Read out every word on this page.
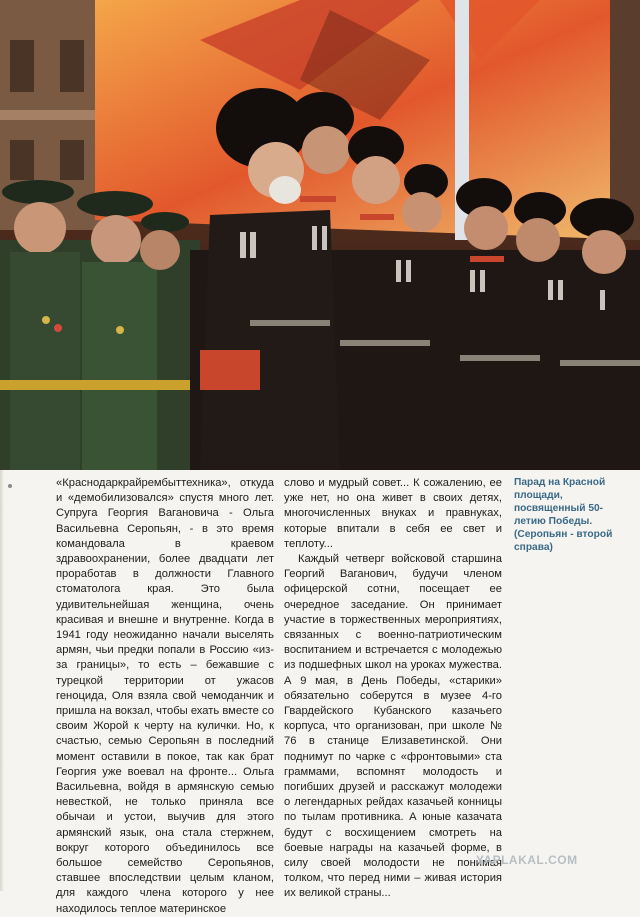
«Краснодаркрайрембыттехника», откуда и «демобилизовался» спустя много лет. Супруга Георгия Вагановича - Ольга Васильевна Серопьян, - в это время командовала в краевом здравоохранении, более двадцати лет проработав в должности Главного стоматолога края. Это была удивительнейшая женщина, очень красивая и внешне и внутренне. Когда в 1941 году неожиданно начали выселять армян, чьи предки попали в Россию «из-за границы», то есть – бежавшие с турецкой территории от ужасов геноцида, Оля взяла свой чемоданчик и пришла на вокзал, чтобы ехать вместе со своим Жорой к черту на кулички. Но, к счастью, семью Серопьян в последний момент оставили в покое, так как брат Георгия уже воевал на фронте... Ольга Васильевна, войдя в армянскую семью невесткой, не только приняла все обычаи и устои, выучив для этого армянский язык, она стала стержнем, вокруг которого объединилось все большое семейство Серопьянов, ставшее впоследствии целым кланом, для каждого члена которого у нее находилось теплое материнское

слово и мудрый совет... К сожалению, ее уже нет, но она живет в своих детях, многочисленных внуках и правнуках, которые впитали в себя ее свет и теплоту...

Каждый четверг войсковой старшина Георгий Ваганович, будучи членом офицерской сотни, посещает ее очередное заседание. Он принимает участие в торжественных мероприятиях, связанных с военно-патриотическим воспитанием и встречается с молодежью из подшефных школ на уроках мужества. А 9 мая, в День Победы, «старики» обязательно соберутся в музее 4-го Гвардейского Кубанского казачьего корпуса, что организован, при школе № 76 в станице Елизаветинской. Они поднимут по чарке с «фронтовыми» ста граммами, вспомнят молодость и погибших друзей и расскажут молодежи о легендарных рейдах казачьей конницы по тылам противника. А юные казачата будут с восхищением смотреть на боевые награды на казачьей форме, в силу своей молодости не понимая толком, что перед ними – живая история их великой страны...

Парад на Красной площади, посвященный 50-летию Победы. (Серопьян - второй справа)
YAPLAKAL.COM
